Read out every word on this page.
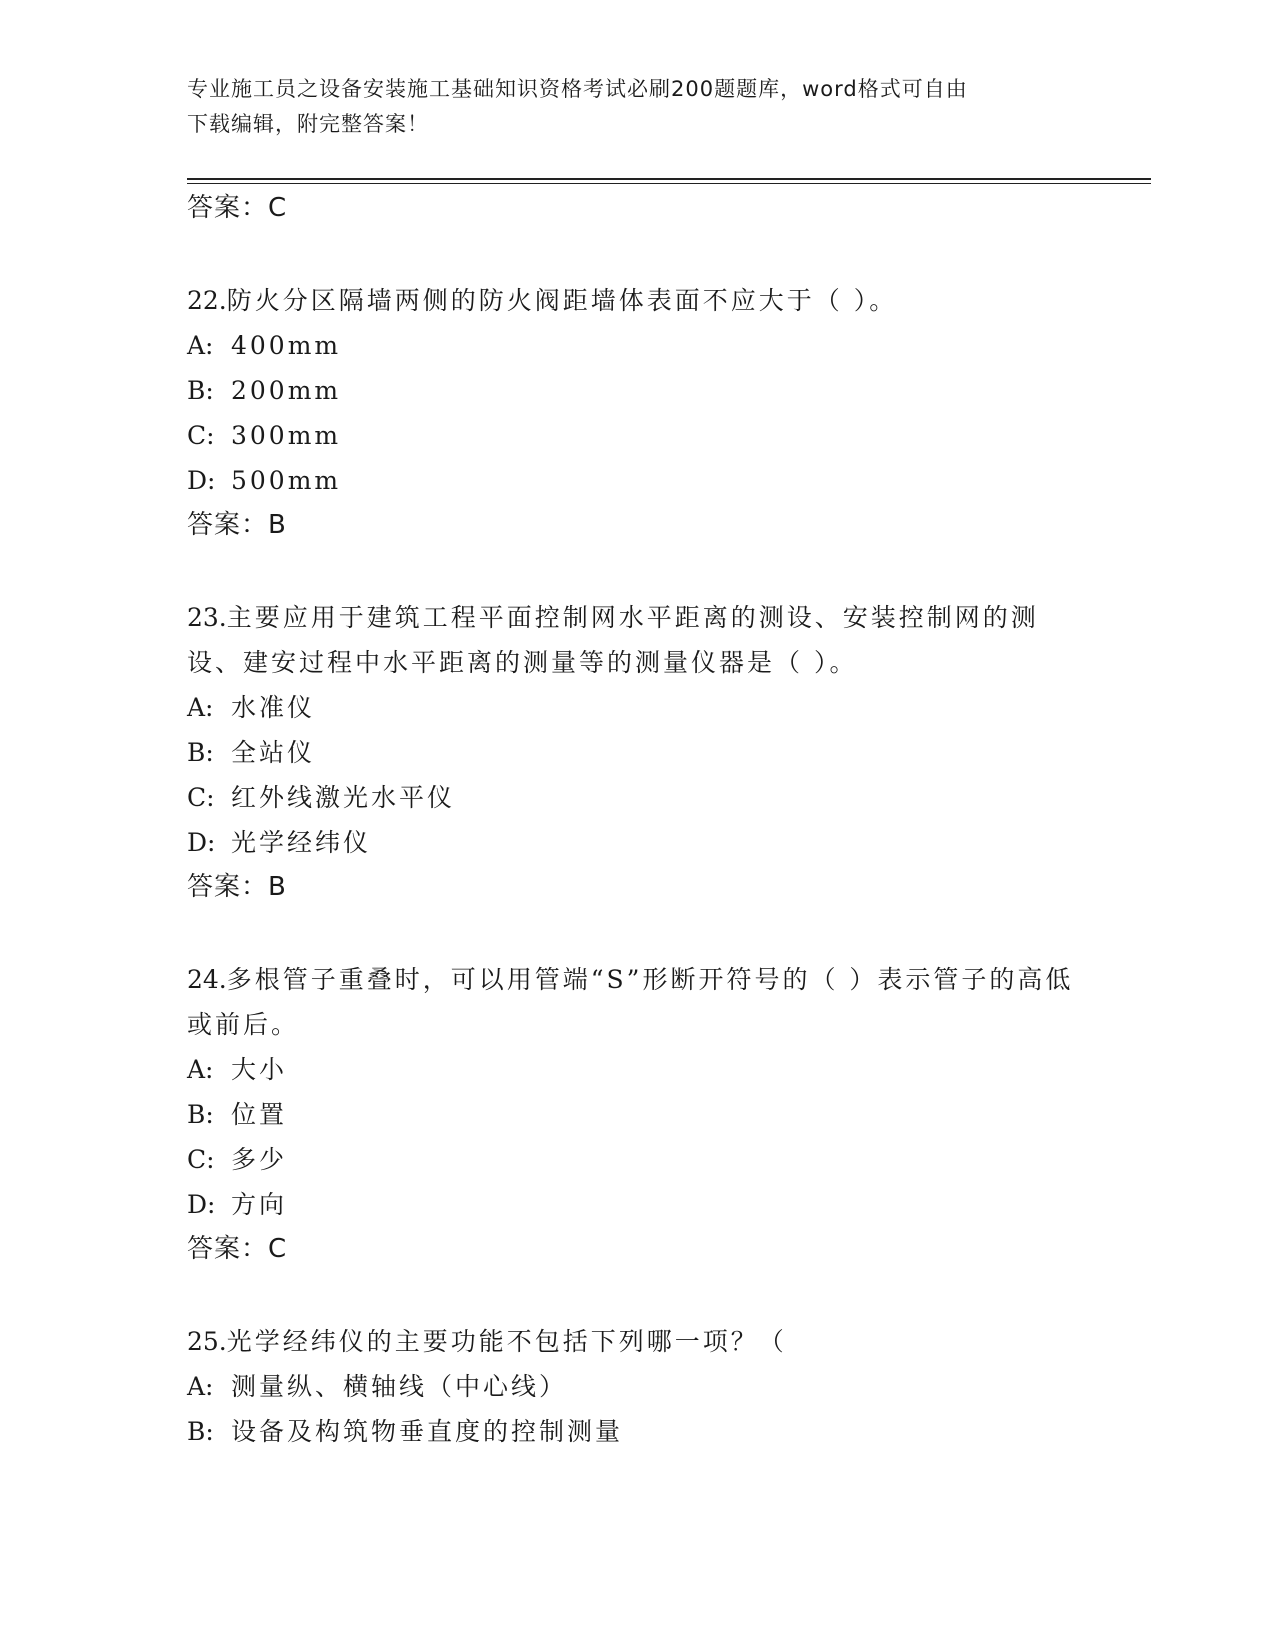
专业施工员之设备安装施工基础知识资格考试必刷200题题库，word格式可自由
下载编辑，附完整答案！
答案：C
22.防火分区隔墙两侧的防火阀距墙体表面不应大于（ ）。
A: 400mm
B: 200mm
C: 300mm
D: 500mm
答案：B
23.主要应用于建筑工程平面控制网水平距离的测设、安装控制网的测设、建安过程中水平距离的测量等的测量仪器是（ ）。
A: 水准仪
B: 全站仪
C: 红外线激光水平仪
D: 光学经纬仪
答案：B
24.多根管子重叠时，可以用管端“S”形断开符号的（ ）表示管子的高低或前后。
A: 大小
B: 位置
C: 多少
D: 方向
答案：C
25.光学经纬仪的主要功能不包括下列哪一项？（
A: 测量纵、横轴线（中心线）
B: 设备及构筑物垂直度的控制测量
